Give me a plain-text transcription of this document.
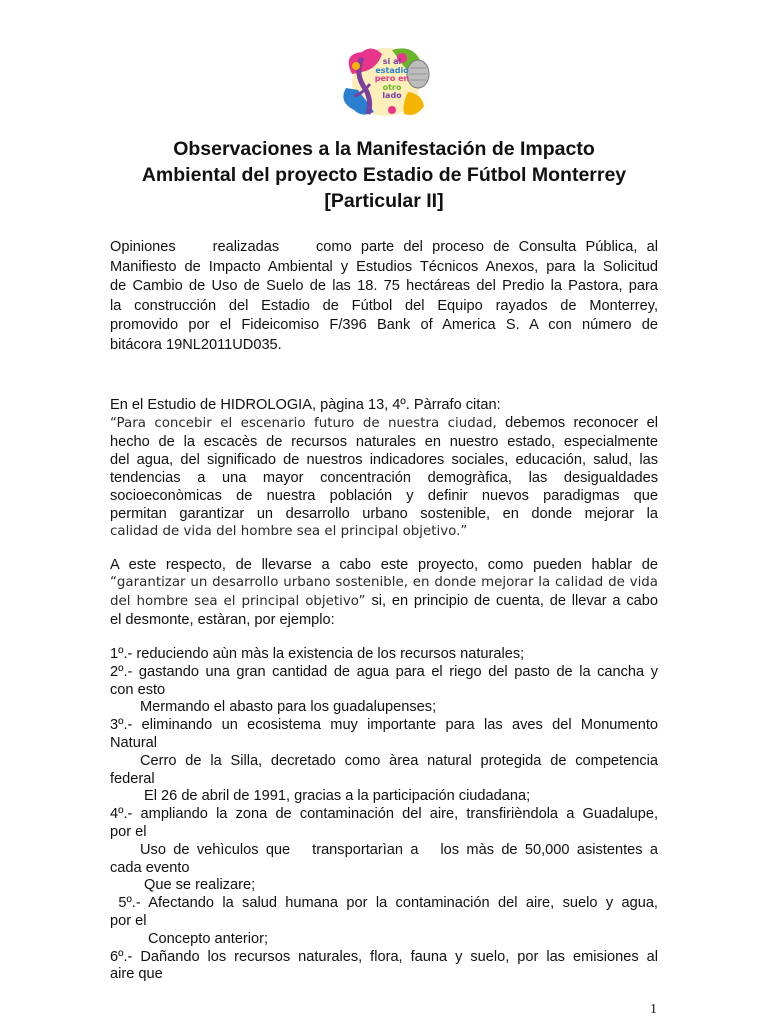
si al
estadio
pero en
otro
lado
Observaciones a la Manifestación de Impacto
Ambiental del proyecto Estadio de Fútbol Monterrey
[Particular II]
Opiniones    realizadas    como parte del proceso de Consulta Pública, al
Manifiesto de Impacto Ambiental y Estudios Técnicos Anexos, para la Solicitud
de Cambio de Uso de Suelo de las 18. 75 hectáreas del Predio la Pastora, para
la construcción del Estadio de Fútbol del Equipo rayados de Monterrey,
promovido por el Fideicomiso F/396 Bank of America S. A con número de
bitácora 19NL2011UD035.
En el Estudio de HIDROLOGIA, pàgina 13, 4º. Pàrrafo citan:
“Para concebir el escenario futuro de nuestra ciudad, debemos reconocer el
hecho de la escacès de recursos naturales en nuestro estado, especialmente
del agua, del significado de nuestros indicadores sociales, educación, salud, las
tendencias a una mayor concentración demogràfica, las desigualdades
socioeconòmicas de nuestra población y definir nuevos paradigmas que
permitan garantizar un desarrollo urbano sostenible, en donde mejorar la
calidad de vida del hombre sea el principal objetivo.”
A este respecto, de llevarse a cabo este proyecto, como pueden hablar de
“garantizar un desarrollo urbano sostenible, en donde mejorar la calidad de vida
del hombre sea el principal objetivo” si, en principio de cuenta, de llevar a cabo
el desmonte, estàran, por ejemplo:
1º.- reduciendo aùn màs la existencia de los recursos naturales;
2º.- gastando una gran cantidad de agua para el riego del pasto de la cancha y
con esto
Mermando el abasto para los guadalupenses;
3º.- eliminando un ecosistema muy importante para las aves del Monumento
Natural
Cerro de la Silla, decretado como àrea natural protegida de competencia
federal
El 26 de abril de 1991, gracias a la participación ciudadana;
4º.- ampliando la zona de contaminación del aire, transfirièndola a Guadalupe,
por el
Uso de vehìculos que   transportarìan a   los màs de 50,000 asistentes a
cada evento
Que se realizare;
5º.- Afectando la salud humana por la contaminación del aire, suelo y agua,
por el
Concepto anterior;
6º.- Dañando los recursos naturales, flora, fauna y suelo, por las emisiones al
aire que
1
